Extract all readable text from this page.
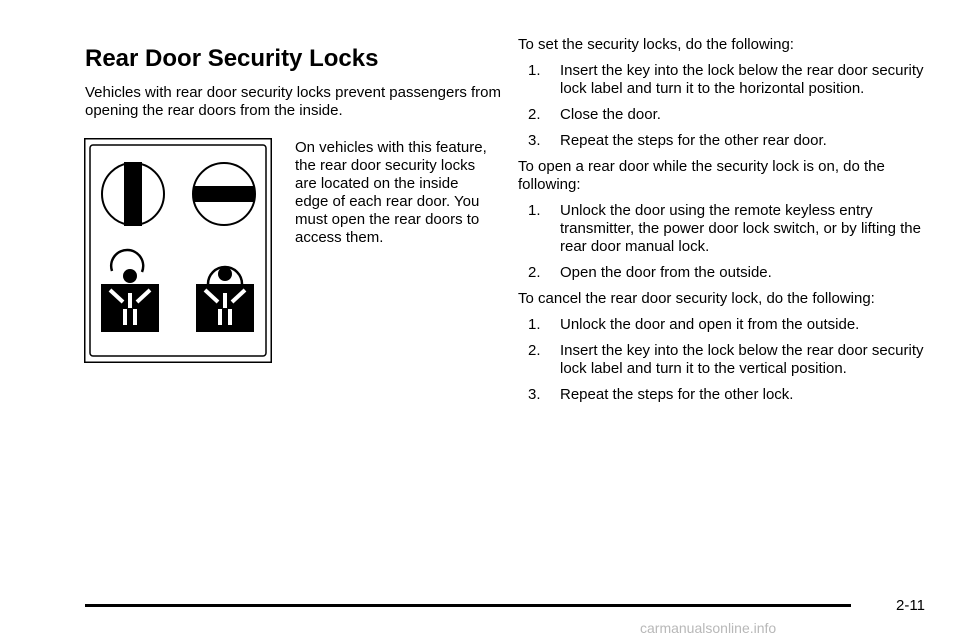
Rear Door Security Locks

Vehicles with rear door security locks prevent passengers from opening the rear doors from the inside.

On vehicles with this feature, the rear door security locks are located on the inside edge of each rear door. You must open the rear doors to access them.

To set the security locks, do the following:

1. Insert the key into the lock below the rear door security lock label and turn it to the horizontal position.
2. Close the door.
3. Repeat the steps for the other rear door.

To open a rear door while the security lock is on, do the following:

1. Unlock the door using the remote keyless entry transmitter, the power door lock switch, or by lifting the rear door manual lock.
2. Open the door from the outside.

To cancel the rear door security lock, do the following:

1. Unlock the door and open it from the outside.
2. Insert the key into the lock below the rear door security lock label and turn it to the vertical position.
3. Repeat the steps for the other lock.
2-11
carmanualsonline.info
